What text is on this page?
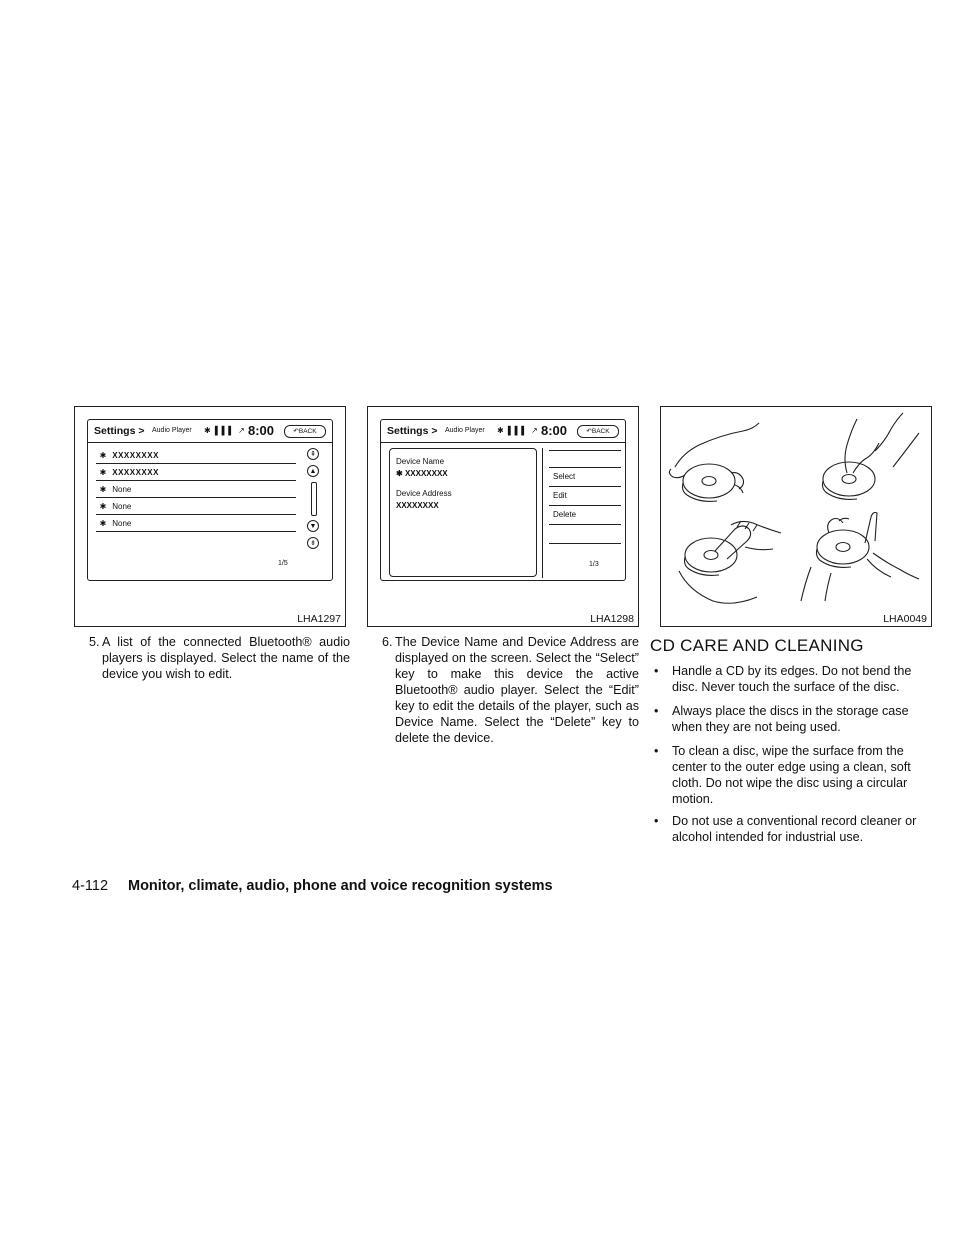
Settings > Audio Player ✱ ▌▌▌ ↗ 8:00	↶BACK
✱ XXXXXXXX
✱ XXXXXXXX
✱ None
✱ None
✱ None
⇞
▲
▼
⇟
1/5
LHA1297
Settings > Audio Player ✱ ▌▌▌ ↗ 8:00	↶BACK
Device Name
✱ XXXXXXXX
Device Address
XXXXXXXX
Select
Edit
Delete
1/3
LHA1298	LHA0049
5. A list of the connected Bluetooth® audio players is displayed. Select the name of the device you wish to edit.
6. The Device Name and Device Address are displayed on the screen. Select the “Select” key to make this device the active Bluetooth® audio player. Select the “Edit” key to edit the details of the player, such as Device Name. Select the “Delete” key to delete the device.
CD CARE AND CLEANING
• Handle a CD by its edges. Do not bend the disc. Never touch the surface of the disc.
• Always place the discs in the storage case when they are not being used.
• To clean a disc, wipe the surface from the center to the outer edge using a clean, soft cloth. Do not wipe the disc using a circular motion.
• Do not use a conventional record cleaner or alcohol intended for industrial use.
4-112 Monitor, climate, audio, phone and voice recognition systems
